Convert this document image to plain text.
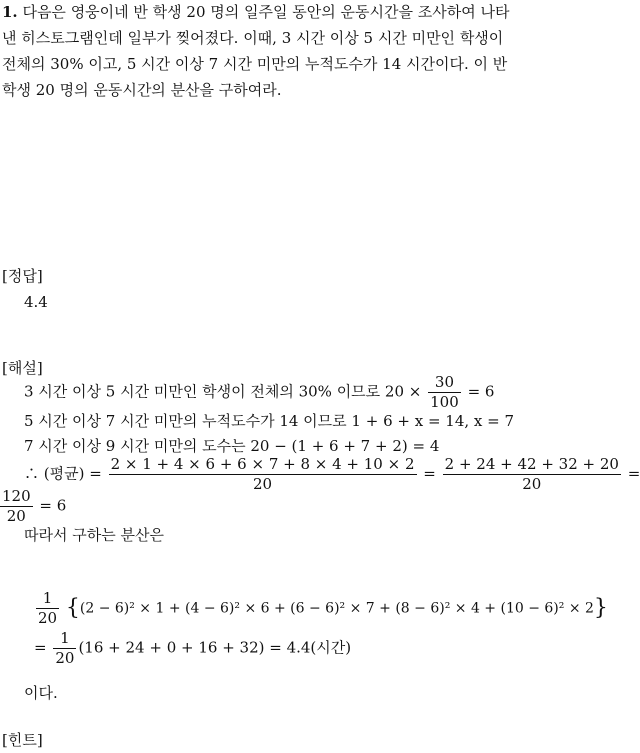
1. 다음은 영웅이네 반 학생 20 명의 일주일 동안의 운동시간을 조사하여 나타
낸 히스토그램인데 일부가 찢어졌다. 이때, 3 시간 이상 5 시간 미만인 학생이
전체의 30% 이고, 5 시간 이상 7 시간 미만의 누적도수가 14 시간이다. 이 반
학생 20 명의 운동시간의 분산을 구하여라.
[정답]
4.4
[해설]
3 시간 이상 5 시간 미만인 학생이 전체의 30% 이므로 $20 \times \frac{30}{100} = 6$
5 시간 이상 7 시간 미만의 누적도수가 14 이므로 1 + 6 + x = 14, x = 7
7 시간 이상 9 시간 미만의 도수는 20 − (1 + 6 + 7 + 2) = 4
∴ (평균) = $\frac{2 \times 1 + 4 \times 6 + 6 \times 7 + 8 \times 4 + 10 \times 2}{20} = \frac{2 + 24 + 42 + 32 + 20}{20}$ =
$\frac{120}{20} = 6$
따라서 구하는 분산은
$\frac{1}{20} \{(2 - 6)^2 \times 1 + (4 - 6)^2 \times 6 + (6 - 6)^2 \times 7 + (8 - 6)^2 \times 4 + (10 - 6)^2 \times 2\}$
= $\frac{1}{20} (16 + 24 + 0 + 16 + 32) = 4.4$(시간)
이다.
[힌트]
